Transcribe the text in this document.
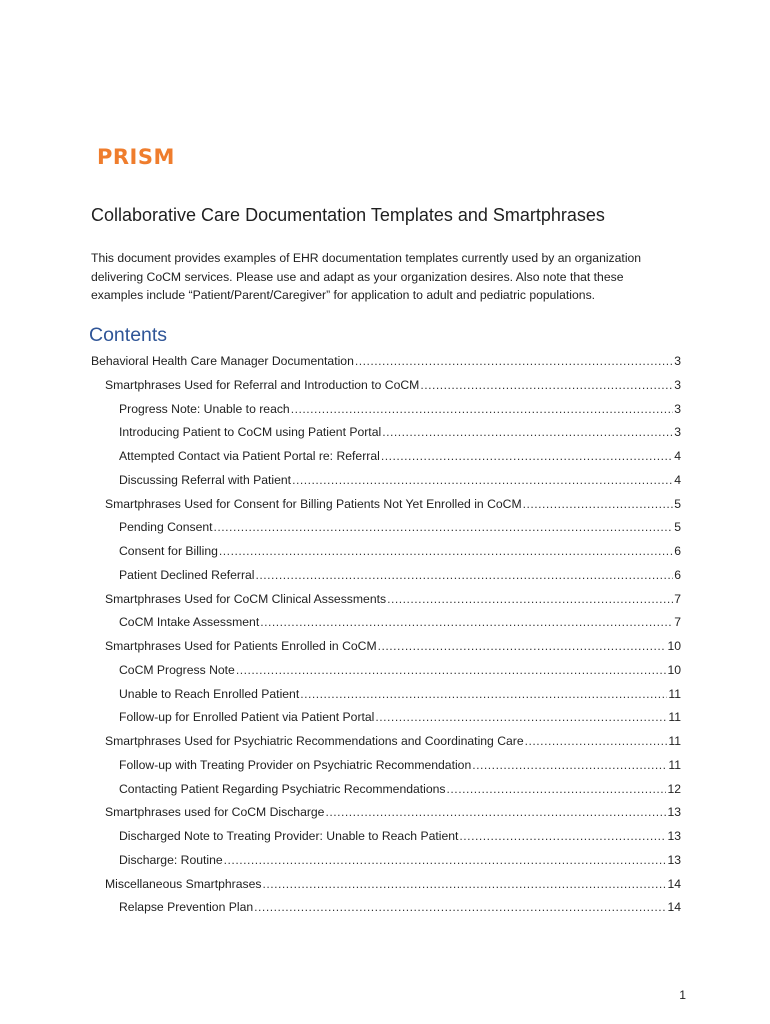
PRISM
Collaborative Care Documentation Templates and Smartphrases

This document provides examples of EHR documentation templates currently used by an organization

delivering CoCM services. Please use and adapt as your organization desires. Also note that these

examples include “Patient/Parent/Caregiver” for application to adult and pediatric populations.

Contents
Behavioral Health Care Manager Documentation .....	3
Smartphrases Used for Referral and Introduction to CoCM .....	3
Progress Note: Unable to reach .....	3
Introducing Patient to CoCM using Patient Portal .....	3
Attempted Contact via Patient Portal re: Referral .....	4
Discussing Referral with Patient .....	4
Smartphrases Used for Consent for Billing Patients Not Yet Enrolled in CoCM .....	5
Pending Consent .....	5
Consent for Billing .....	6
Patient Declined Referral .....	6
Smartphrases Used for CoCM Clinical Assessments .....	7
CoCM Intake Assessment .....	7
Smartphrases Used for Patients Enrolled in CoCM .....	10
CoCM Progress Note .....	10
Unable to Reach Enrolled Patient .....	11
Follow-up for Enrolled Patient via Patient Portal .....	11
Smartphrases Used for Psychiatric Recommendations and Coordinating Care .....	11
Follow-up with Treating Provider on Psychiatric Recommendation .....	11
Contacting Patient Regarding Psychiatric Recommendations .....	12
Smartphrases used for CoCM Discharge .....	13
Discharged Note to Treating Provider: Unable to Reach Patient .....	13
Discharge: Routine .....	13
Miscellaneous Smartphrases .....	14
Relapse Prevention Plan .....	14
1
